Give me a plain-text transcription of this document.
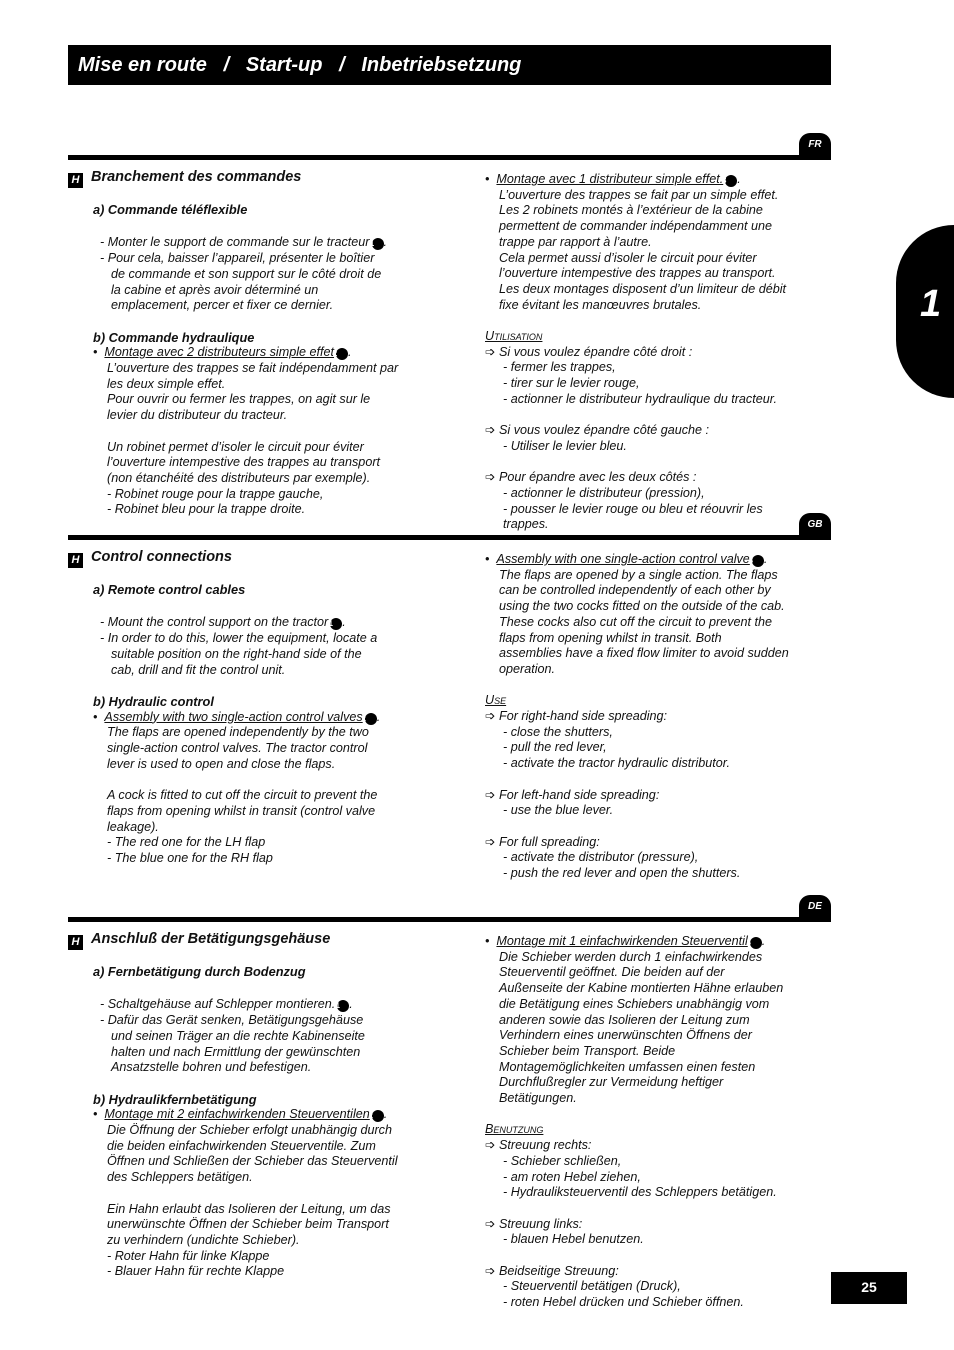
Mise en route   /   Start-up   /   Inbetriebsetzung
1
FR
H Branchement des commandes

a) Commande téléflexible

- Monter le support de commande sur le tracteur1 .

- Pour cela, baisser l’appareil, présenter le boîtier

de commande et son support sur le côté droit de

la cabine et après avoir déterminé un

emplacement, percer et fixer ce dernier.

b) Commande hydraulique

•  Montage avec 2 distributeurs simple effet2 .

L’ouverture des trappes se fait indépendamment par

les deux simple effet.

Pour ouvrir ou fermer les trappes, on agit sur le

levier du distributeur du tracteur.

Un robinet permet d’isoler le circuit pour éviter

l’ouverture intempestive des trappes au transport

(non étanchéité des distributeurs par exemple).

- Robinet rouge pour la trappe gauche,

- Robinet bleu pour la trappe droite.

•  Montage avec 1 distributeur simple effet.3 .

L’ouverture des trappes se fait par un simple effet.

Les 2 robinets montés à l’extérieur de la cabine

permettent de commander indépendamment une

trappe par rapport à l’autre.

Cela permet aussi d’isoler le circuit pour éviter

l’ouverture intempestive des trappes au transport.

Les deux montages disposent d’un limiteur de débit

fixe évitant les manœuvres brutales.

Utilisation

➩ Si vous voulez épandre côté droit :

- fermer les trappes,

- tirer sur le levier rouge,

- actionner le distributeur hydraulique du tracteur.

➩ Si vous voulez épandre côté gauche :

- Utiliser le levier bleu.

➩ Pour épandre avec les deux côtés :

- actionner le distributeur (pression),

- pousser le levier rouge ou bleu et réouvrir les

trappes.	GB
H Control connections

a) Remote control cables

- Mount the control support on the tractor1 .

- In order to do this, lower the equipment, locate a

suitable position on the right-hand side of the

cab, drill and fit the control unit.

b) Hydraulic control

•  Assembly with two single-action control valves2 .

The flaps are opened independently by the two

single-action control valves. The tractor control

lever is used to open and close the flaps.

A cock is fitted to cut off the circuit to prevent the

flaps from opening whilst in transit (control valve

leakage).

- The red one for the LH flap

- The blue one for the RH flap

•  Assembly with one single-action control valve3 .

The flaps are opened by a single action. The flaps

can be controlled independently of each other by

using the two cocks fitted on the outside of the cab.

These cocks also cut off the circuit to prevent the

flaps from opening whilst in transit. Both

assemblies have a fixed flow limiter to avoid sudden

operation.

Use

➩ For right-hand side spreading:

- close the shutters,

- pull the red lever,

- activate the tractor hydraulic distributor.

➩ For left-hand side spreading:

- use the blue lever.

➩ For full spreading:

- activate the distributor (pressure),

- push the red lever and open the shutters.

DE
H Anschluß der Betätigungsgehäuse

a) Fernbetätigung durch Bodenzug

- Schaltgehäuse auf Schlepper montieren.1 .

- Dafür das Gerät senken, Betätigungsgehäuse

und seinen Träger an die rechte Kabinenseite

halten und nach Ermittlung der gewünschten

Ansatzstelle bohren und befestigen.

b) Hydraulikfernbetätigung

•  Montage mit 2 einfachwirkenden Steuerventilen2 .

Die Öffnung der Schieber erfolgt unabhängig durch

die beiden einfachwirkenden Steuerventile. Zum

Öffnen und Schließen der Schieber das Steuerventil

des Schleppers betätigen.

Ein Hahn erlaubt das Isolieren der Leitung, um das

unerwünschte Öffnen der Schieber beim Transport

zu verhindern (undichte Schieber).

- Roter Hahn für linke Klappe

- Blauer Hahn für rechte Klappe

•  Montage mit 1 einfachwirkenden Steuerventil3 .

Die Schieber werden durch 1 einfachwirkendes

Steuerventil geöffnet. Die beiden auf der

Außenseite der Kabine montierten Hähne erlauben

die Betätigung eines Schiebers unabhängig vom

anderen sowie das Isolieren der Leitung zum

Verhindern eines unerwünschten Öffnens der

Schieber beim Transport. Beide

Montagemöglichkeiten umfassen einen festen

Durchflußregler zur Vermeidung heftiger

Betätigungen.

Benutzung

➩ Streuung rechts:

- Schieber schließen,

- am roten Hebel ziehen,

- Hydrauliksteuerventil des Schleppers betätigen.

➩ Streuung links:

- blauen Hebel benutzen.

➩ Beidseitige Streuung:

- Steuerventil betätigen (Druck),

- roten Hebel drücken und Schieber öffnen.

25
